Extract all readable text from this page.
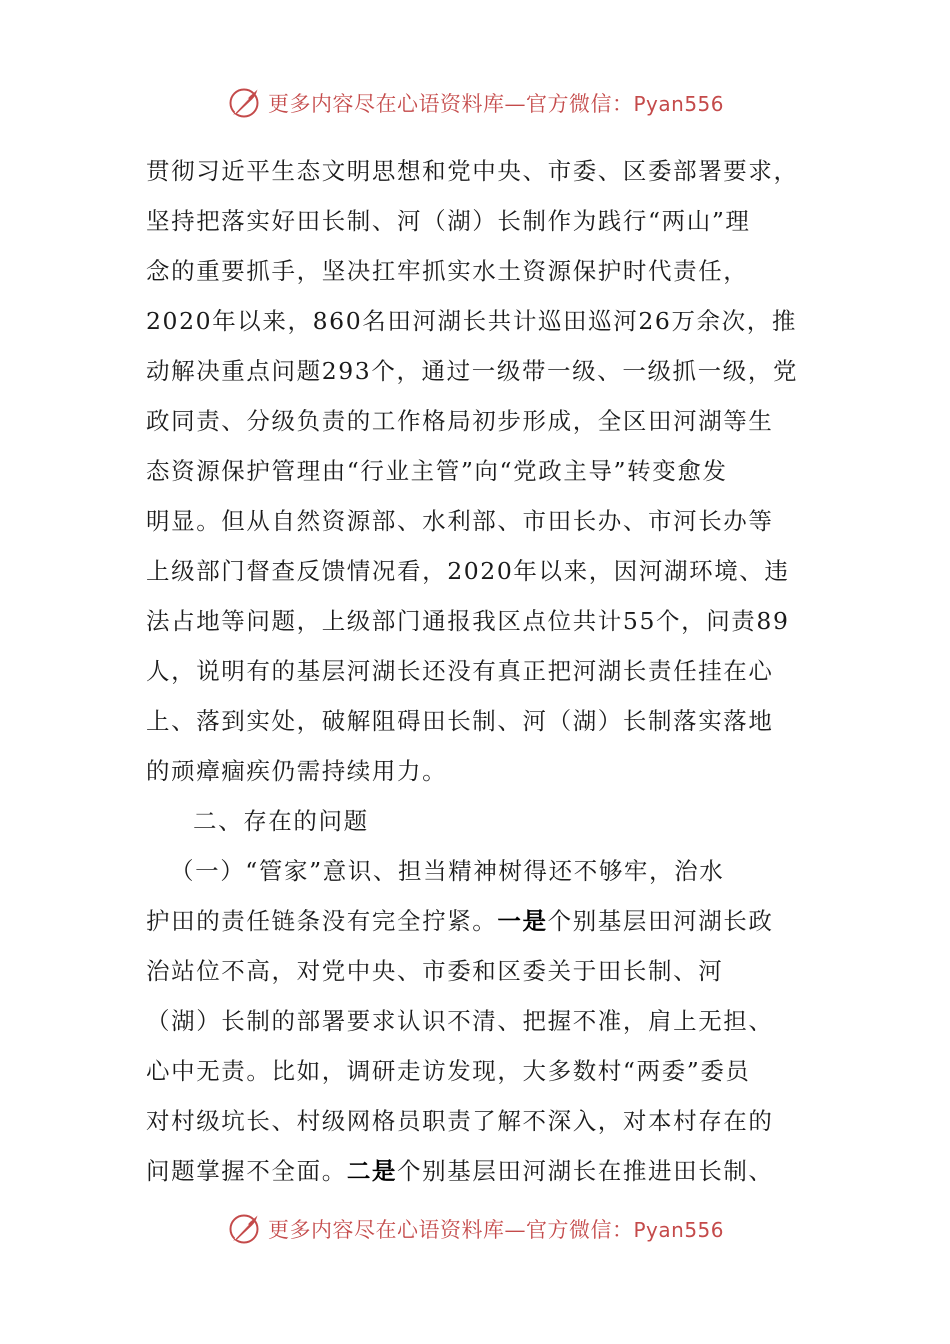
更多内容尽在心语资料库—官方微信：Pyan556
贯彻习近平生态文明思想和党中央、市委、区委部署要求，
坚持把落实好田长制、河（湖）长制作为践行“两山”理
念的重要抓手，坚决扛牢抓实水土资源保护时代责任，
2020年以来，860名田河湖长共计巡田巡河26万余次，推
动解决重点问题293个，通过一级带一级、一级抓一级，党
政同责、分级负责的工作格局初步形成，全区田河湖等生
态资源保护管理由“行业主管”向“党政主导”转变愈发
明显。但从自然资源部、水利部、市田长办、市河长办等
上级部门督查反馈情况看，2020年以来，因河湖环境、违
法占地等问题，上级部门通报我区点位共计55个，问责89
人，说明有的基层河湖长还没有真正把河湖长责任挂在心
上、落到实处，破解阻碍田长制、河（湖）长制落实落地
的顽瘴痼疾仍需持续用力。
二、存在的问题
（一）“管家”意识、担当精神树得还不够牢，治水
护田的责任链条没有完全拧紧。一是个别基层田河湖长政
治站位不高，对党中央、市委和区委关于田长制、河
（湖）长制的部署要求认识不清、把握不准，肩上无担、
心中无责。比如，调研走访发现，大多数村“两委”委员
对村级坑长、村级网格员职责了解不深入，对本村存在的
问题掌握不全面。二是个别基层田河湖长在推进田长制、
更多内容尽在心语资料库—官方微信：Pyan556
